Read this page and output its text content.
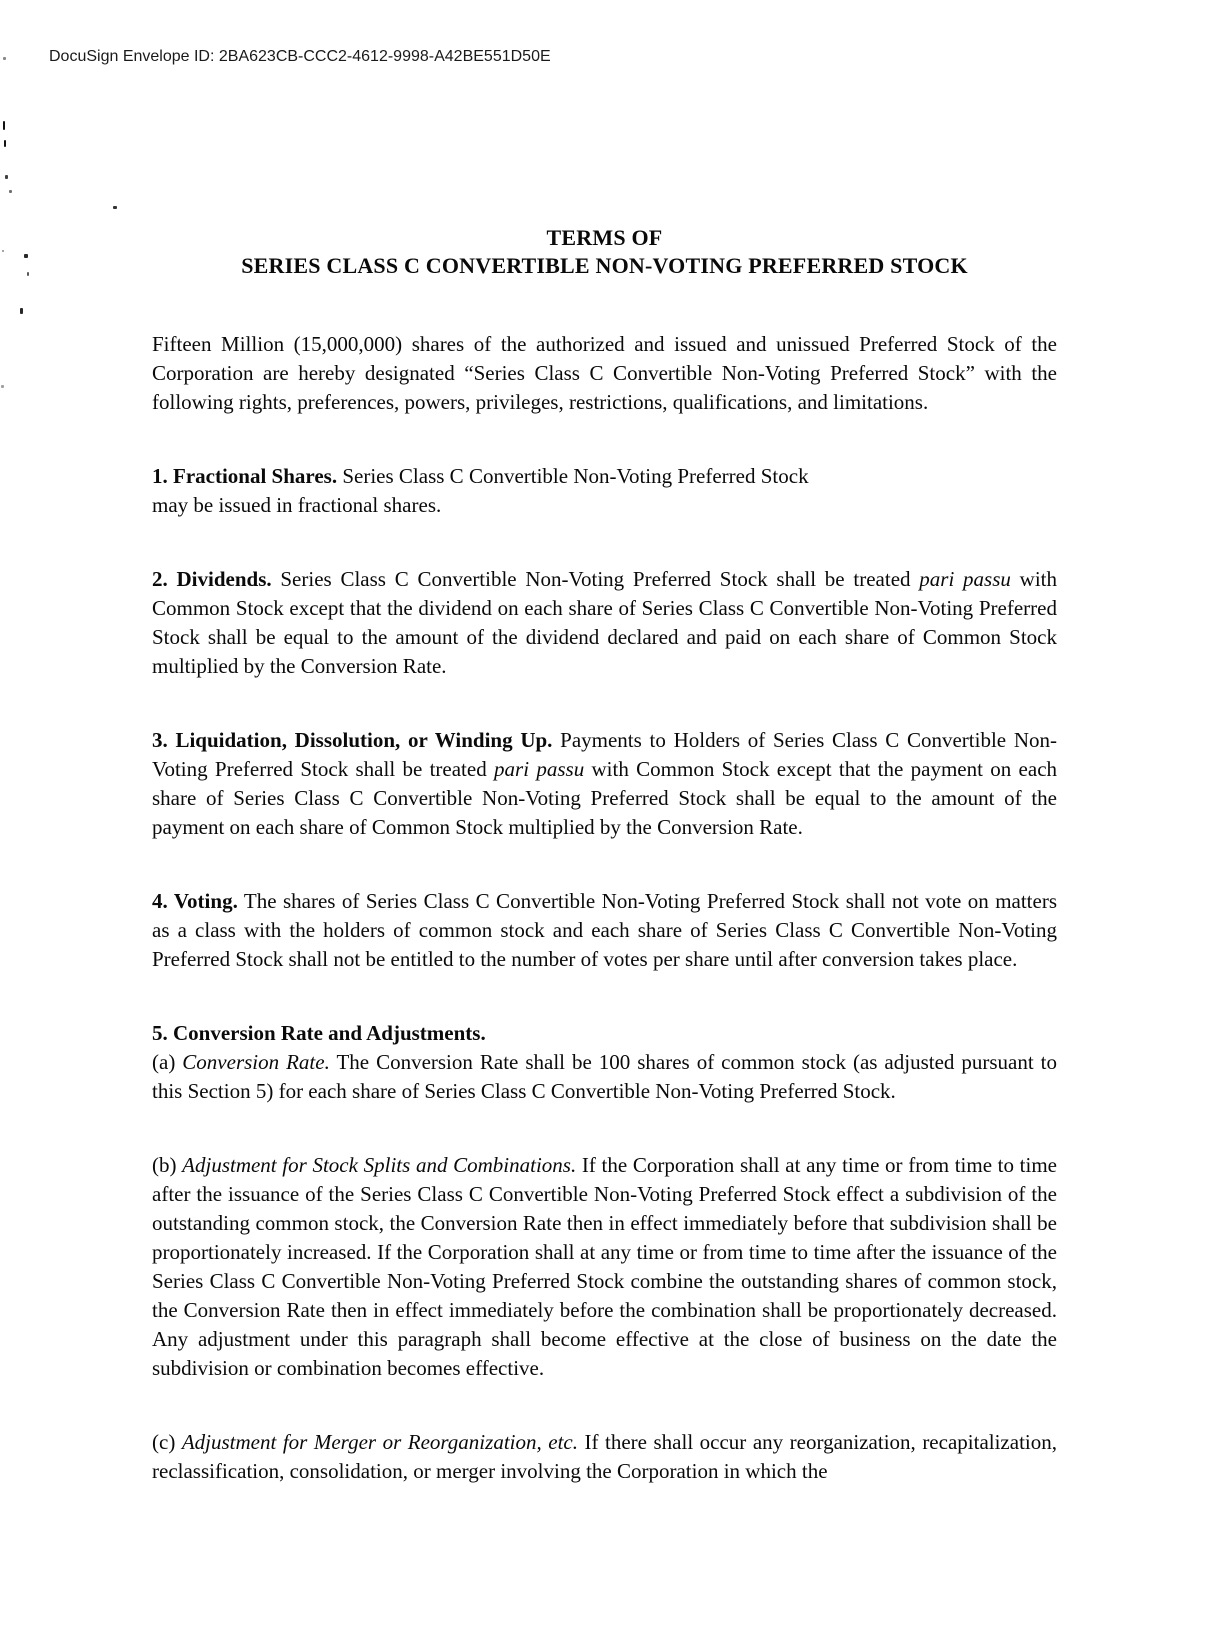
DocuSign Envelope ID: 2BA623CB-CCC2-4612-9998-A42BE551D50E
TERMS OF
SERIES CLASS C CONVERTIBLE NON-VOTING PREFERRED STOCK

Fifteen Million (15,000,000) shares of the authorized and issued and unissued Preferred Stock of the Corporation are hereby designated “Series Class C Convertible Non-Voting Preferred Stock” with the following rights, preferences, powers, privileges, restrictions, qualifications, and limitations.

1. Fractional Shares. Series Class C Convertible Non-Voting Preferred Stock
may be issued in fractional shares.

2. Dividends. Series Class C Convertible Non-Voting Preferred Stock shall be treated pari passu with Common Stock except that the dividend on each share of Series Class C Convertible Non-Voting Preferred Stock shall be equal to the amount of the dividend declared and paid on each share of Common Stock multiplied by the Conversion Rate.

3. Liquidation, Dissolution, or Winding Up. Payments to Holders of Series Class C Convertible Non-Voting Preferred Stock shall be treated pari passu with Common Stock except that the payment on each share of Series Class C Convertible Non-Voting Preferred Stock shall be equal to the amount of the payment on each share of Common Stock multiplied by the Conversion Rate.

4. Voting. The shares of Series Class C Convertible Non-Voting Preferred Stock shall not vote on matters as a class with the holders of common stock and each share of Series Class C Convertible Non-Voting Preferred Stock shall not be entitled to the number of votes per share until after conversion takes place.

5. Conversion Rate and Adjustments.

(a) Conversion Rate. The Conversion Rate shall be 100 shares of common stock (as adjusted pursuant to this Section 5) for each share of Series Class C Convertible Non-Voting Preferred Stock.

(b) Adjustment for Stock Splits and Combinations. If the Corporation shall at any time or from time to time after the issuance of the Series Class C Convertible Non-Voting Preferred Stock effect a subdivision of the outstanding common stock, the Conversion Rate then in effect immediately before that subdivision shall be proportionately increased. If the Corporation shall at any time or from time to time after the issuance of the Series Class C Convertible Non-Voting Preferred Stock combine the outstanding shares of common stock, the Conversion Rate then in effect immediately before the combination shall be proportionately decreased. Any adjustment under this paragraph shall become effective at the close of business on the date the subdivision or combination becomes effective.

(c) Adjustment for Merger or Reorganization, etc. If there shall occur any reorganization, recapitalization, reclassification, consolidation, or merger involving the Corporation in which the
